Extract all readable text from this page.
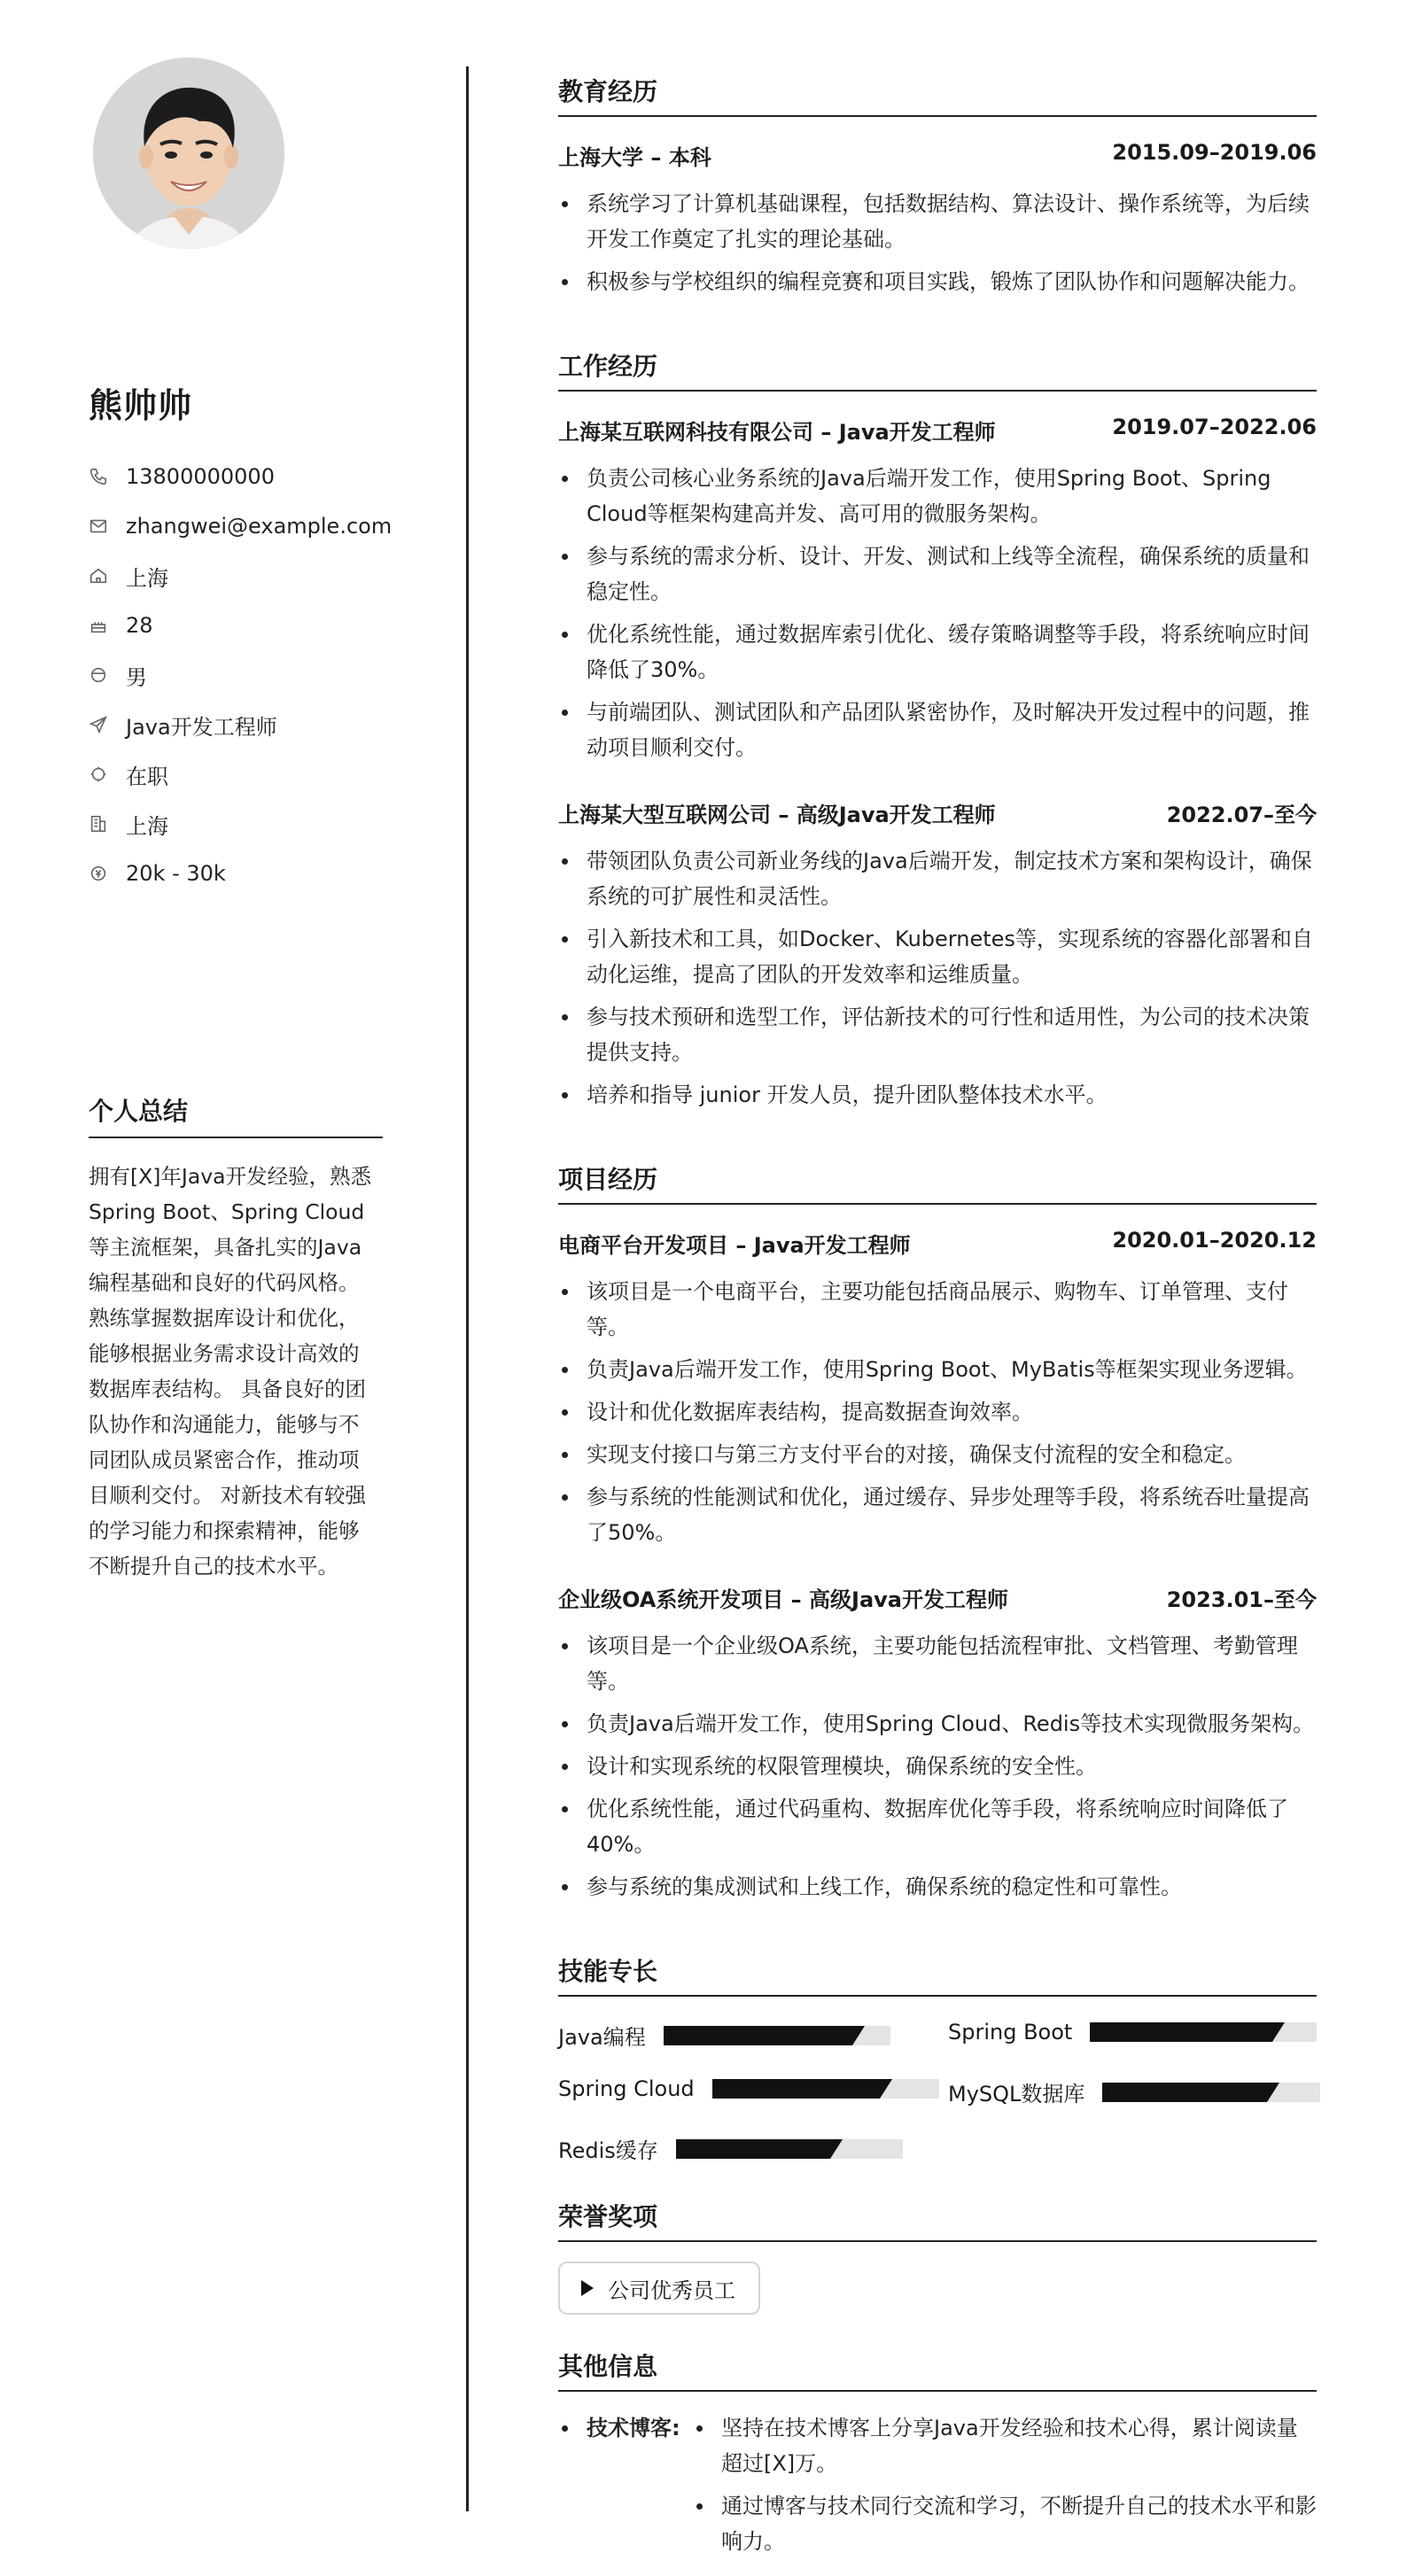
熊帅帅
13800000000
zhangwei@example.com
上海
28
男
Java开发工程师
在职
上海
20k - 30k
个人总结
拥有[X]年Java开发经验，熟悉Spring Boot、Spring Cloud等主流框架，具备扎实的Java编程基础和良好的代码风格。 熟练掌握数据库设计和优化，能够根据业务需求设计高效的数据库表结构。 具备良好的团队协作和沟通能力，能够与不同团队成员紧密合作，推动项目顺利交付。 对新技术有较强的学习能力和探索精神，能够不断提升自己的技术水平。
教育经历
上海大学 – 本科	2015.09–2019.06
系统学习了计算机基础课程，包括数据结构、算法设计、操作系统等，为后续开发工作奠定了扎实的理论基础。
积极参与学校组织的编程竞赛和项目实践，锻炼了团队协作和问题解决能力。
工作经历
上海某互联网科技有限公司 – Java开发工程师	2019.07–2022.06
负责公司核心业务系统的Java后端开发工作，使用Spring Boot、Spring Cloud等框架构建高并发、高可用的微服务架构。
参与系统的需求分析、设计、开发、测试和上线等全流程，确保系统的质量和稳定性。
优化系统性能，通过数据库索引优化、缓存策略调整等手段，将系统响应时间降低了30%。
与前端团队、测试团队和产品团队紧密协作，及时解决开发过程中的问题，推动项目顺利交付。
上海某大型互联网公司 – 高级Java开发工程师	2022.07–至今
带领团队负责公司新业务线的Java后端开发，制定技术方案和架构设计，确保系统的可扩展性和灵活性。
引入新技术和工具，如Docker、Kubernetes等，实现系统的容器化部署和自动化运维，提高了团队的开发效率和运维质量。
参与技术预研和选型工作，评估新技术的可行性和适用性，为公司的技术决策提供支持。
培养和指导 junior 开发人员，提升团队整体技术水平。
项目经历
电商平台开发项目 – Java开发工程师	2020.01–2020.12
该项目是一个电商平台，主要功能包括商品展示、购物车、订单管理、支付等。
负责Java后端开发工作，使用Spring Boot、MyBatis等框架实现业务逻辑。
设计和优化数据库表结构，提高数据查询效率。
实现支付接口与第三方支付平台的对接，确保支付流程的安全和稳定。
参与系统的性能测试和优化，通过缓存、异步处理等手段，将系统吞吐量提高了50%。
企业级OA系统开发项目 – 高级Java开发工程师	2023.01–至今
该项目是一个企业级OA系统，主要功能包括流程审批、文档管理、考勤管理等。
负责Java后端开发工作，使用Spring Cloud、Redis等技术实现微服务架构。
设计和实现系统的权限管理模块，确保系统的安全性。
优化系统性能，通过代码重构、数据库优化等手段，将系统响应时间降低了40%。
参与系统的集成测试和上线工作，确保系统的稳定性和可靠性。
技能专长
Java编程	Spring Boot
Spring Cloud	MySQL数据库
Redis缓存
荣誉奖项
公司优秀员工
其他信息
技术博客:	坚持在技术博客上分享Java开发经验和技术心得，累计阅读量超过[X]万。
通过博客与技术同行交流和学习，不断提升自己的技术水平和影响力。
